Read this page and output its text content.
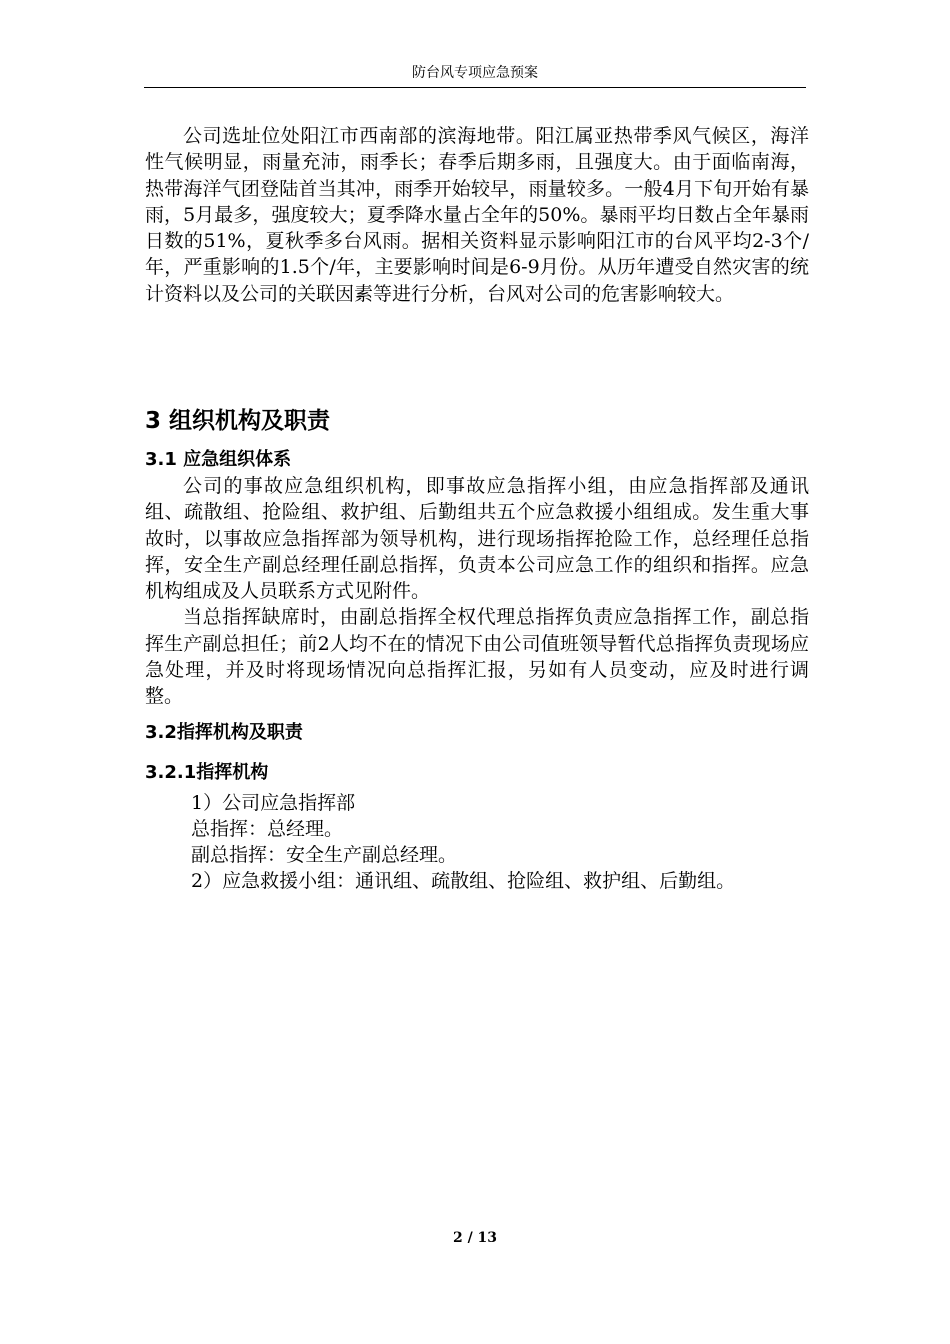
防台风专项应急预案

公司选址位处阳江市西南部的滨海地带。阳江属亚热带季风气候区，海洋性气候明显，雨量充沛，雨季长；春季后期多雨，且强度大。由于面临南海，热带海洋气团登陆首当其冲，雨季开始较早，雨量较多。一般4月下旬开始有暴雨，5月最多，强度较大；夏季降水量占全年的50%。暴雨平均日数占全年暴雨日数的51%，夏秋季多台风雨。据相关资料显示影响阳江市的台风平均2-3个/年，严重影响的1.5个/年，主要影响时间是6-9月份。从历年遭受自然灾害的统计资料以及公司的关联因素等进行分析，台风对公司的危害影响较大。

3 组织机构及职责
3.1 应急组织体系

公司的事故应急组织机构，即事故应急指挥小组，由应急指挥部及通讯组、疏散组、抢险组、救护组、后勤组共五个应急救援小组组成。发生重大事故时，以事故应急指挥部为领导机构，进行现场指挥抢险工作，总经理任总指挥，安全生产副总经理任副总指挥，负责本公司应急工作的组织和指挥。应急机构组成及人员联系方式见附件。

当总指挥缺席时，由副总指挥全权代理总指挥负责应急指挥工作，副总指挥生产副总担任；前2人均不在的情况下由公司值班领导暂代总指挥负责现场应急处理，并及时将现场情况向总指挥汇报，另如有人员变动，应及时进行调整。

3.2指挥机构及职责
3.2.1指挥机构
1）公司应急指挥部
总指挥：总经理。
副总指挥：安全生产副总经理。
2）应急救援小组：通讯组、疏散组、抢险组、救护组、后勤组。
2 / 13
